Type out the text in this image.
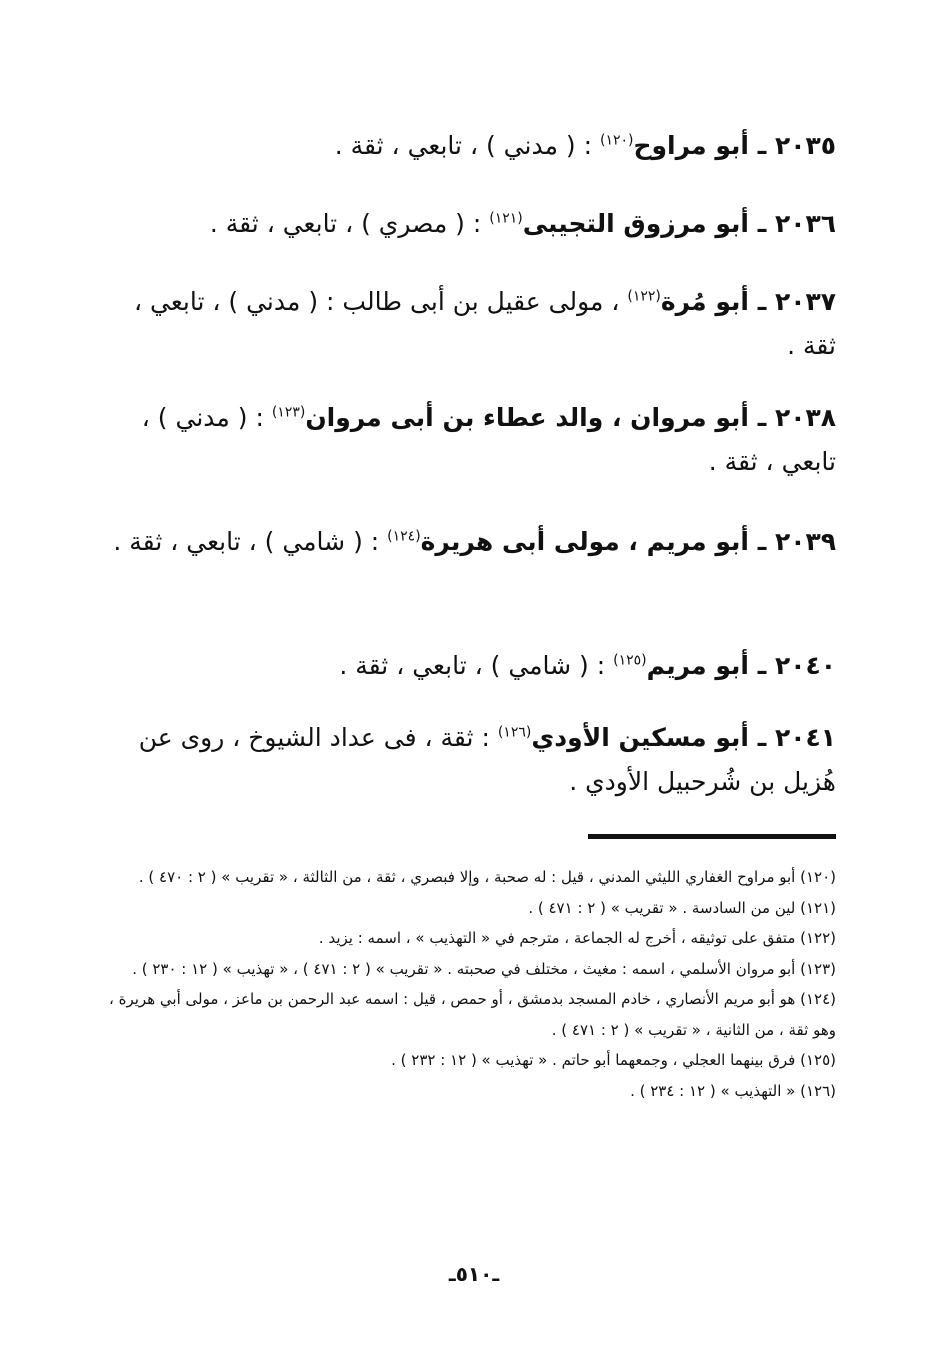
٢٠٣٥ ـ أبو مراوح$^{(١٢٠)}$ : ( مدني ) ، تابعي ، ثقة .
٢٠٣٦ ـ أبو مرزوق التجيبى$^{(١٢١)}$ : ( مصري ) ، تابعي ، ثقة .
٢٠٣٧ ـ أبو مُرة$^{(١٢٢)}$ ، مولى عقيل بن أبى طالب : ( مدني ) ، تابعي ، ثقة .
٢٠٣٨ ـ أبو مروان ، والد عطاء بن أبى مروان$^{(١٢٣)}$ : ( مدني ) ، تابعي ، ثقة .
٢٠٣٩ ـ أبو مريم ، مولى أبى هريرة$^{(١٢٤)}$ : ( شامي ) ، تابعي ، ثقة .
٢٠٤٠ ـ أبو مريم$^{(١٢٥)}$ : ( شامي ) ، تابعي ، ثقة .
٢٠٤١ ـ أبو مسكين الأودي$^{(١٢٦)}$ : ثقة ، فى عداد الشيوخ ، روى عن هُزيل بن شُرحبيل الأودي .

(١٢٠) أبو مراوح الغفاري الليثي المدني ، قيل : له صحبة ، وإلا فبصري ، ثقة ، من الثالثة ، « تقريب » ( ٢ : ٤٧٠ ) .

(١٢١) لين من السادسة . « تقريب » ( ٢ : ٤٧١ ) .

(١٢٢) متفق على توثيقه ، أخرج له الجماعة ، مترجم في « التهذيب » ، اسمه : يزيد .

(١٢٣) أبو مروان الأسلمي ، اسمه : مغيث ، مختلف في صحبته . « تقريب » ( ٢ : ٤٧١ ) ، « تهذيب » ( ١٢ : ٢٣٠ ) .

(١٢٤) هو أبو مريم الأنصاري ، خادم المسجد بدمشق ، أو حمص ، قيل : اسمه عبد الرحمن بن ماعز ، مولى أبي هريرة ، وهو ثقة ، من الثانية ، « تقريب » ( ٢ : ٤٧١ ) .

(١٢٥) فرق بينهما العجلي ، وجمعهما أبو حاتم . « تهذيب » ( ١٢ : ٢٣٢ ) .

(١٢٦) « التهذيب » ( ١٢ : ٢٣٤ ) .

ـ٥١٠ـ
